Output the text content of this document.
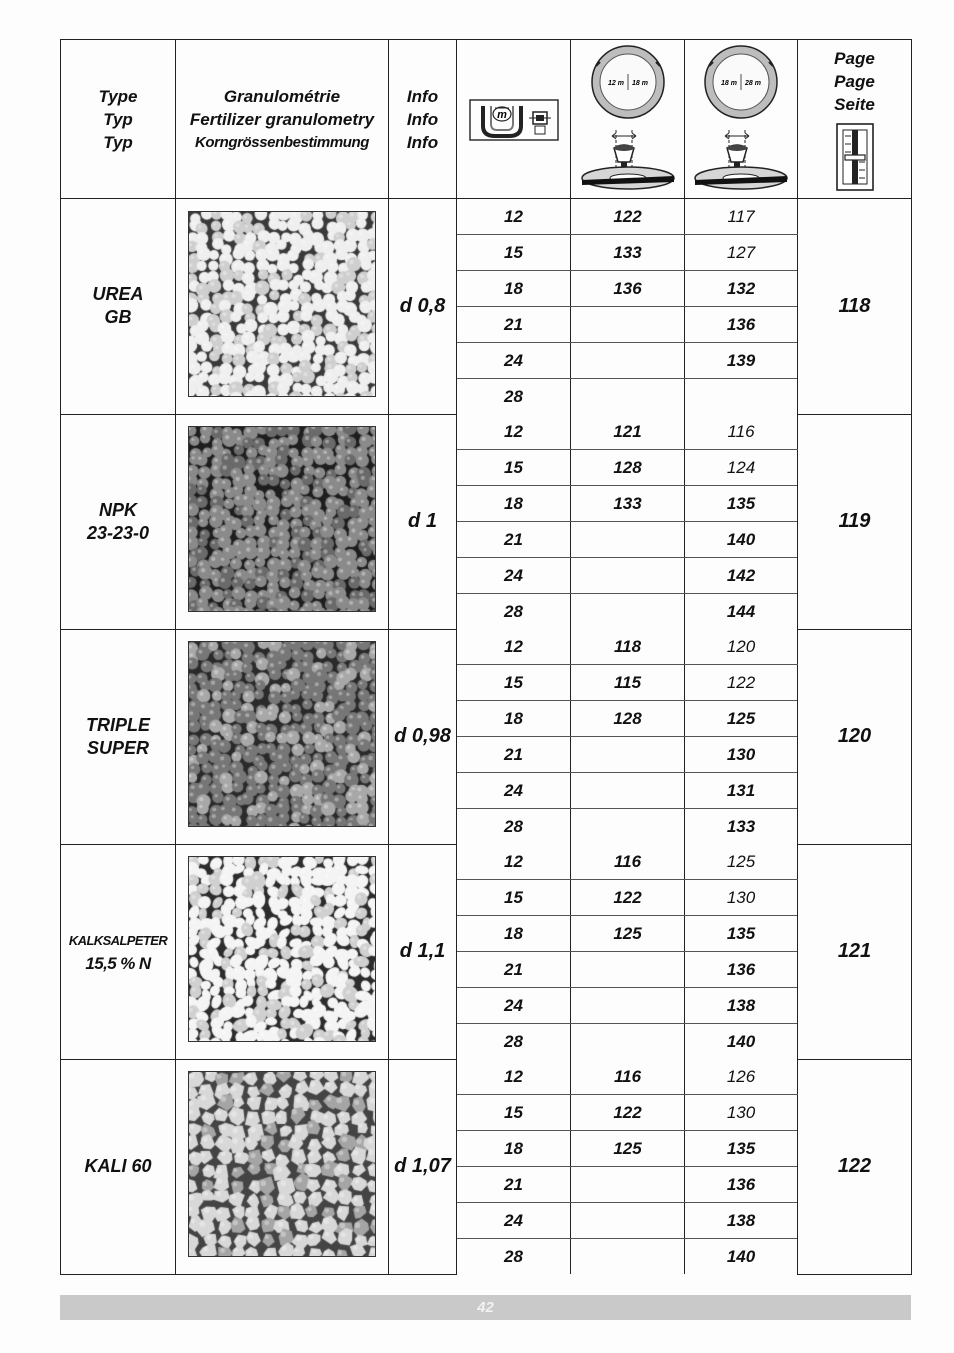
Type
Typ
Typ	Granulométrie
Fertilizer granulometry
Korngrössenbestimmung	Info
Info
Info	m	12 m 18 m	18 m 28 m	Page
Page
Seite

UREA
GB		d 0,8	12	122	117	118
			15	133	127	
			18	136	132	
			21		136	
			24		139	
			28			

NPK
23-23-0		d 1	12	121	116	119
			15	128	124	
			18	133	135	
			21		140	
			24		142	
			28		144	

TRIPLE
SUPER		d 0,98	12	118	120	120
			15	115	122	
			18	128	125	
			21		130	
			24		131	
			28		133	

KALKSALPETER
15,5 % N		d 1,1	12	116	125	121
			15	122	130	
			18	125	135	
			21		136	
			24		138	
			28		140	

KALI 60		d 1,07	12	116	126	122
			15	122	130	
			18	125	135	
			21		136	
			24		138	
			28		140	
42
